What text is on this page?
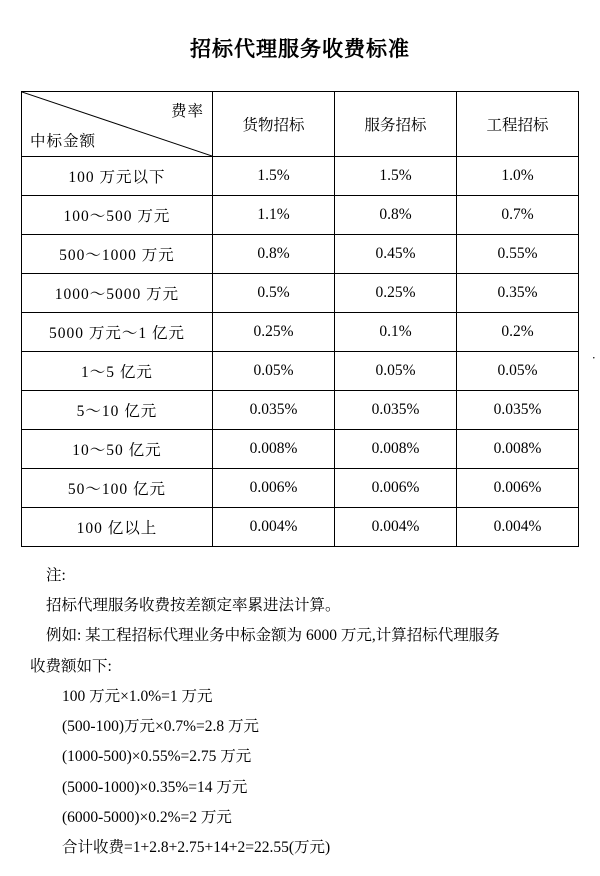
招标代理服务收费标准
费率
中标金额	货物招标	服务招标	工程招标
100 万元以下	1.5%	1.5%	1.0%
100～500 万元	1.1%	0.8%	0.7%
500～1000 万元	0.8%	0.45%	0.55%
1000～5000 万元	0.5%	0.25%	0.35%
5000 万元～1 亿元	0.25%	0.1%	0.2%
1～5 亿元	0.05%	0.05%	0.05%
5～10 亿元	0.035%	0.035%	0.035%
10～50 亿元	0.008%	0.008%	0.008%
50～100 亿元	0.006%	0.006%	0.006%
100 亿以上	0.004%	0.004%	0.004%

注:

招标代理服务收费按差额定率累进法计算。

例如: 某工程招标代理业务中标金额为 6000 万元,计算招标代理服务

收费额如下:

100 万元×1.0%=1 万元

(500-100)万元×0.7%=2.8 万元

(1000-500)×0.55%=2.75 万元

(5000-1000)×0.35%=14 万元

(6000-5000)×0.2%=2 万元

合计收费=1+2.8+2.75+14+2=22.55(万元)

·
